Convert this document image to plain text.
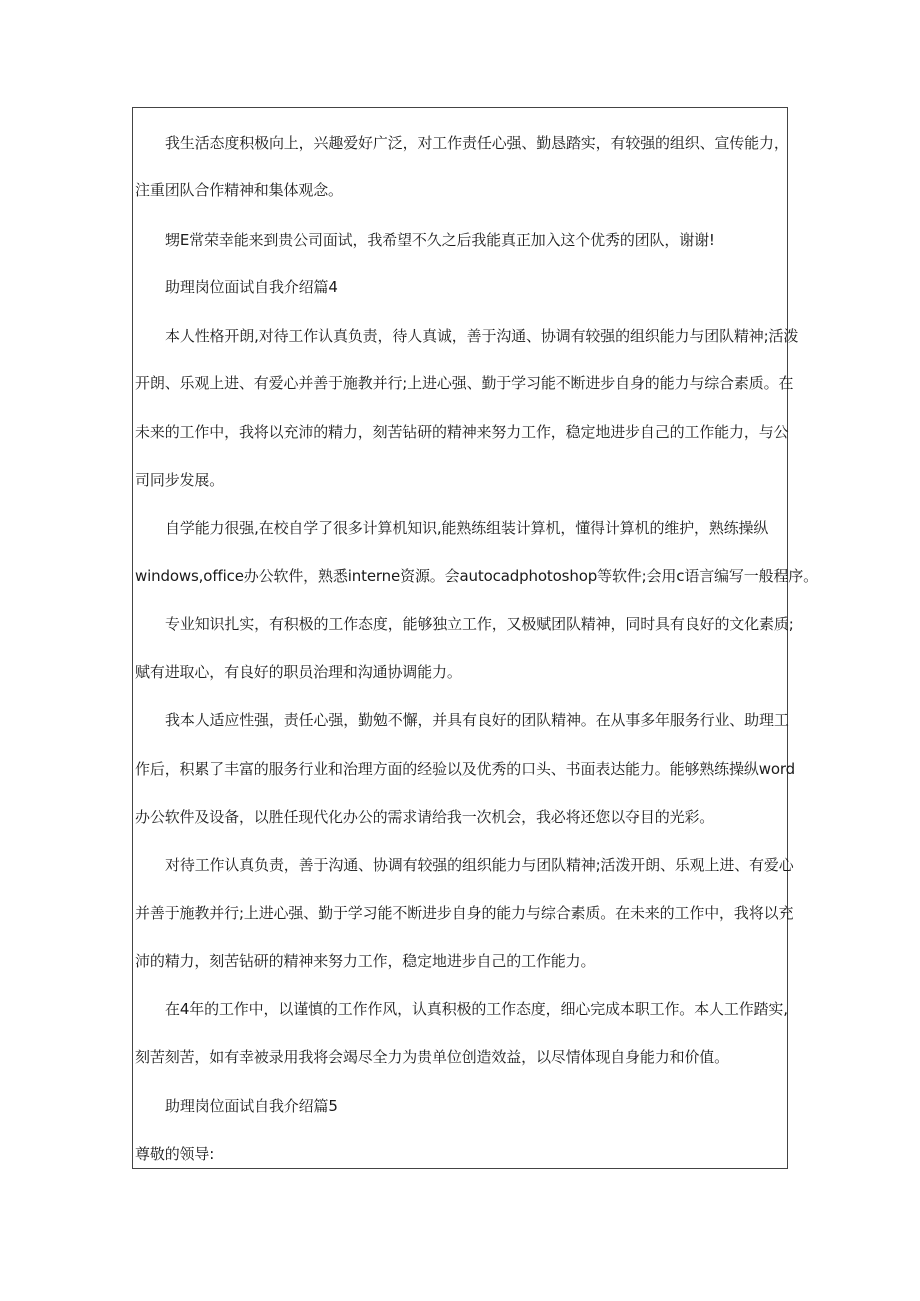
我生活态度积极向上，兴趣爱好广泛，对工作责任心强、勤恳踏实，有较强的组织、宣传能力，
注重团队合作精神和集体观念。
甥E常荣幸能来到贵公司面试，我希望不久之后我能真正加入这个优秀的团队，谢谢!
助理岗位面试自我介绍篇4
本人性格开朗,对待工作认真负责，待人真诚，善于沟通、协调有较强的组织能力与团队精神;活泼
开朗、乐观上进、有爱心并善于施教并行;上进心强、勤于学习能不断进步自身的能力与综合素质。在
未来的工作中，我将以充沛的精力，刻苦钻研的精神来努力工作，稳定地进步自己的工作能力，与公
司同步发展。
自学能力很强,在校自学了很多计算机知识,能熟练组装计算机，懂得计算机的维护，熟练操纵
windows,office办公软件，熟悉interne资源。会autocadphotoshop等软件;会用c语言编写一般程序。
专业知识扎实，有积极的工作态度，能够独立工作，又极赋团队精神，同时具有良好的文化素质;
赋有进取心，有良好的职员治理和沟通协调能力。
我本人适应性强，责任心强，勤勉不懈，并具有良好的团队精神。在从事多年服务行业、助理工
作后，积累了丰富的服务行业和治理方面的经验以及优秀的口头、书面表达能力。能够熟练操纵word
办公软件及设备，以胜任现代化办公的需求请给我一次机会，我必将还您以夺目的光彩。
对待工作认真负责，善于沟通、协调有较强的组织能力与团队精神;活泼开朗、乐观上进、有爱心
并善于施教并行;上进心强、勤于学习能不断进步自身的能力与综合素质。在未来的工作中，我将以充
沛的精力，刻苦钻研的精神来努力工作，稳定地进步自己的工作能力。
在4年的工作中，以谨慎的工作作风，认真积极的工作态度，细心完成本职工作。本人工作踏实,
刻苦刻苦，如有幸被录用我将会竭尽全力为贵单位创造效益，以尽情体现自身能力和价值。
助理岗位面试自我介绍篇5
尊敬的领导:
